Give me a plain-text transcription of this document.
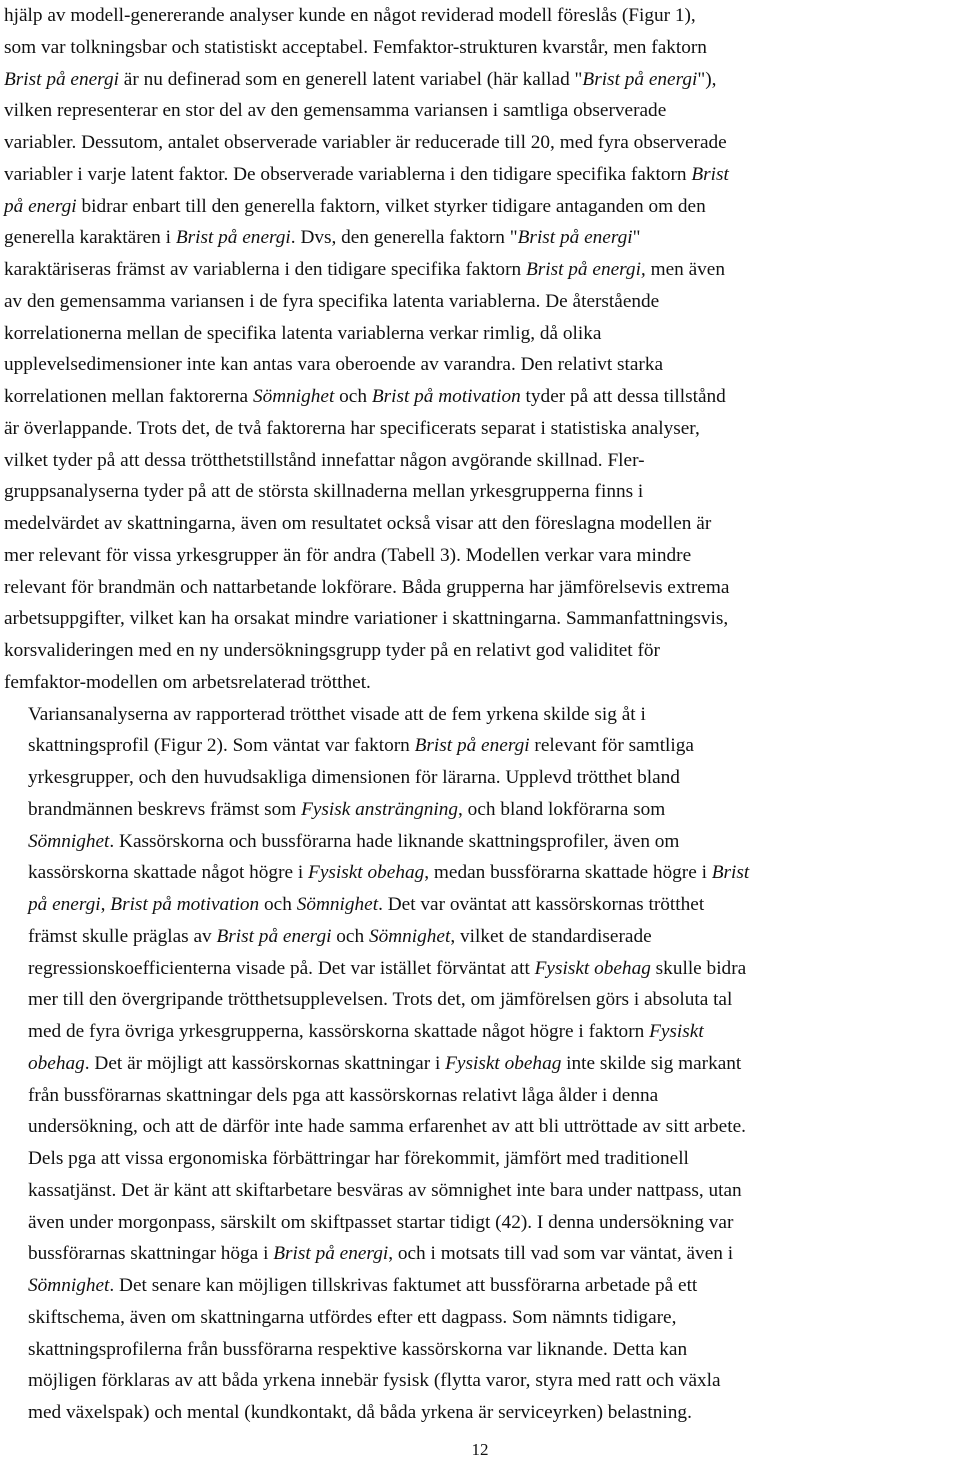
hjälp av modell-genererande analyser kunde en något reviderad modell föreslås (Figur 1),
som var tolkningsbar och statistiskt acceptabel. Femfaktor-strukturen kvarstår, men faktorn
Brist på energi är nu definerad som en generell latent variabel (här kallad "Brist på energi"),
vilken representerar en stor del av den gemensamma variansen i samtliga observerade
variabler. Dessutom, antalet observerade variabler är reducerade till 20, med fyra observerade
variabler i varje latent faktor. De observerade variablerna i den tidigare specifika faktorn Brist
på energi bidrar enbart till den generella faktorn, vilket styrker tidigare antaganden om den
generella karaktären i Brist på energi. Dvs, den generella faktorn "Brist på energi"
karaktäriseras främst av variablerna i den tidigare specifika faktorn Brist på energi, men även
av den gemensamma variansen i de fyra specifika latenta variablerna. De återstående
korrelationerna mellan de specifika latenta variablerna verkar rimlig, då olika
upplevelsedimensioner inte kan antas vara oberoende av varandra. Den relativt starka
korrelationen mellan faktorerna Sömnighet och Brist på motivation tyder på att dessa tillstånd
är överlappande. Trots det, de två faktorerna har specificerats separat i statistiska analyser,
vilket tyder på att dessa trötthetstillstånd innefattar någon avgörande skillnad. Fler-
gruppsanalyserna tyder på att de största skillnaderna mellan yrkesgrupperna finns i
medelvärdet av skattningarna, även om resultatet också visar att den föreslagna modellen är
mer relevant för vissa yrkesgrupper än för andra (Tabell 3). Modellen verkar vara mindre
relevant för brandmän och nattarbetande lokförare. Båda grupperna har jämförelsevis extrema
arbetsuppgifter, vilket kan ha orsakat mindre variationer i skattningarna. Sammanfattningsvis,
korsvalideringen med en ny undersökningsgrupp tyder på en relativt god validitet för
femfaktor-modellen om arbetsrelaterad trötthet.
Variansanalyserna av rapporterad trötthet visade att de fem yrkena skilde sig åt i
skattningsprofil (Figur 2). Som väntat var faktorn Brist på energi relevant för samtliga
yrkesgrupper, och den huvudsakliga dimensionen för lärarna. Upplevd trötthet bland
brandmännen beskrevs främst som Fysisk ansträngning, och bland lokförarna som
Sömnighet. Kassörskorna och bussförarna hade liknande skattningsprofiler, även om
kassörskorna skattade något högre i Fysiskt obehag, medan bussförarna skattade högre i Brist
på energi, Brist på motivation och Sömnighet. Det var oväntat att kassörskornas trötthet
främst skulle präglas av Brist på energi och Sömnighet, vilket de standardiserade
regressionskoefficienterna visade på. Det var istället förväntat att Fysiskt obehag skulle bidra
mer till den övergripande trötthetsupplevelsen. Trots det, om jämförelsen görs i absoluta tal
med de fyra övriga yrkesgrupperna, kassörskorna skattade något högre i faktorn Fysiskt
obehag. Det är möjligt att kassörskornas skattningar i Fysiskt obehag inte skilde sig markant
från bussförarnas skattningar dels pga att kassörskornas relativt låga ålder i denna
undersökning, och att de därför inte hade samma erfarenhet av att bli uttröttade av sitt arbete.
Dels pga att vissa ergonomiska förbättringar har förekommit, jämfört med traditionell
kassatjänst. Det är känt att skiftarbetare besväras av sömnighet inte bara under nattpass, utan
även under morgonpass, särskilt om skiftpasset startar tidigt (42). I denna undersökning var
bussförarnas skattningar höga i Brist på energi, och i motsats till vad som var väntat, även i
Sömnighet. Det senare kan möjligen tillskrivas faktumet att bussförarna arbetade på ett
skiftschema, även om skattningarna utfördes efter ett dagpass. Som nämnts tidigare,
skattningsprofilerna från bussförarna respektive kassörskorna var liknande. Detta kan
möjligen förklaras av att båda yrkena innebär fysisk (flytta varor, styra med ratt och växla
med växelspak) och mental (kundkontakt, då båda yrkena är serviceyrken) belastning.
12
